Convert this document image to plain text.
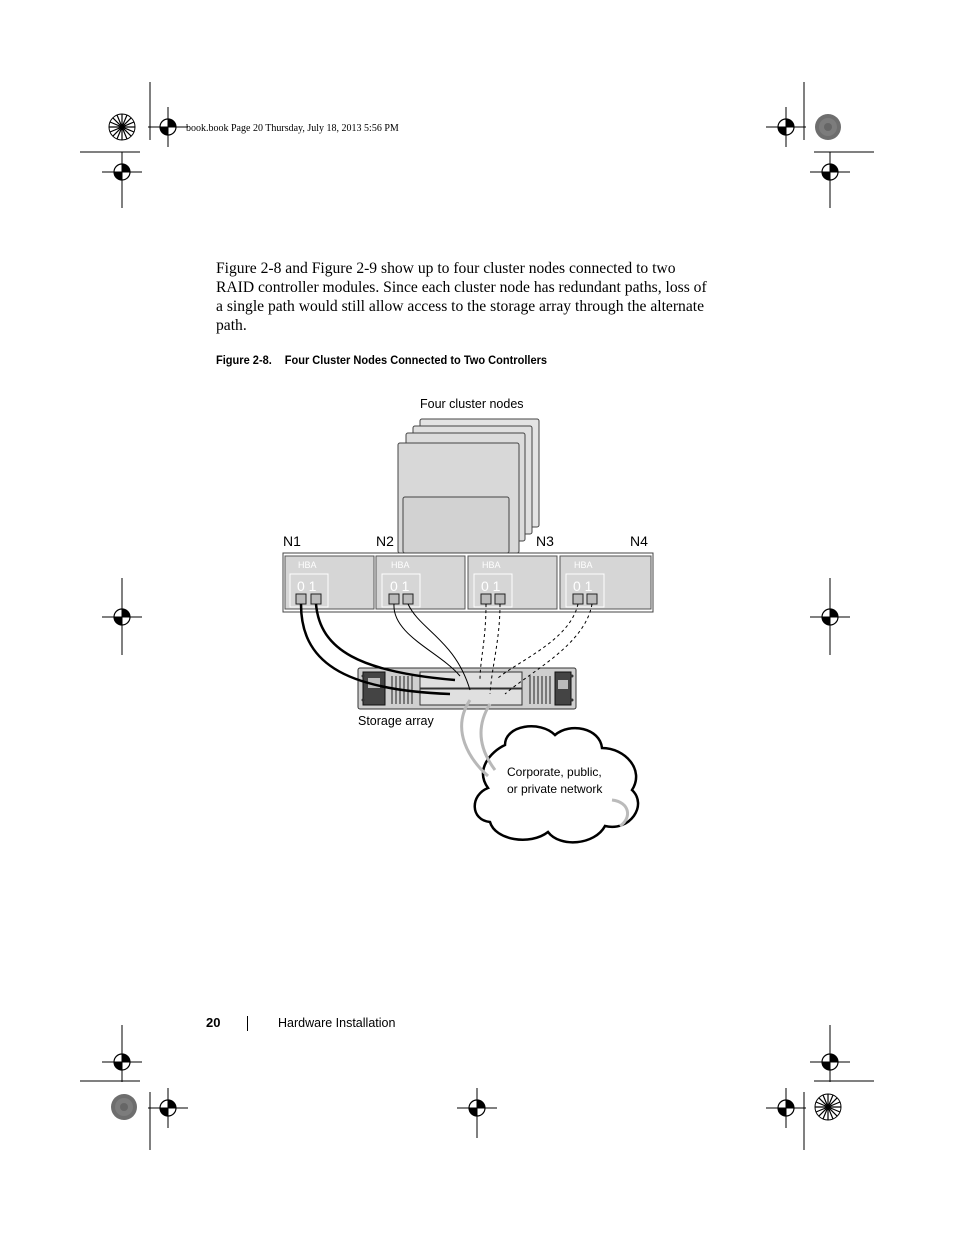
book.book Page 20 Thursday, July 18, 2013 5:56 PM

Figure 2-8 and Figure 2-9 show up to four cluster nodes connected to two RAID controller modules. Since each cluster node has redundant paths, loss of a single path would still allow access to the storage array through the alternate path.

Figure 2-8. Four Cluster Nodes Connected to Two Controllers
Four cluster nodes
N1	N2	N3	N4
HBA
0 1
HBA
0 1
HBA
0 1
HBA
0 1
Corporate, public,
or private network
Storage array
20	Hardware Installation
